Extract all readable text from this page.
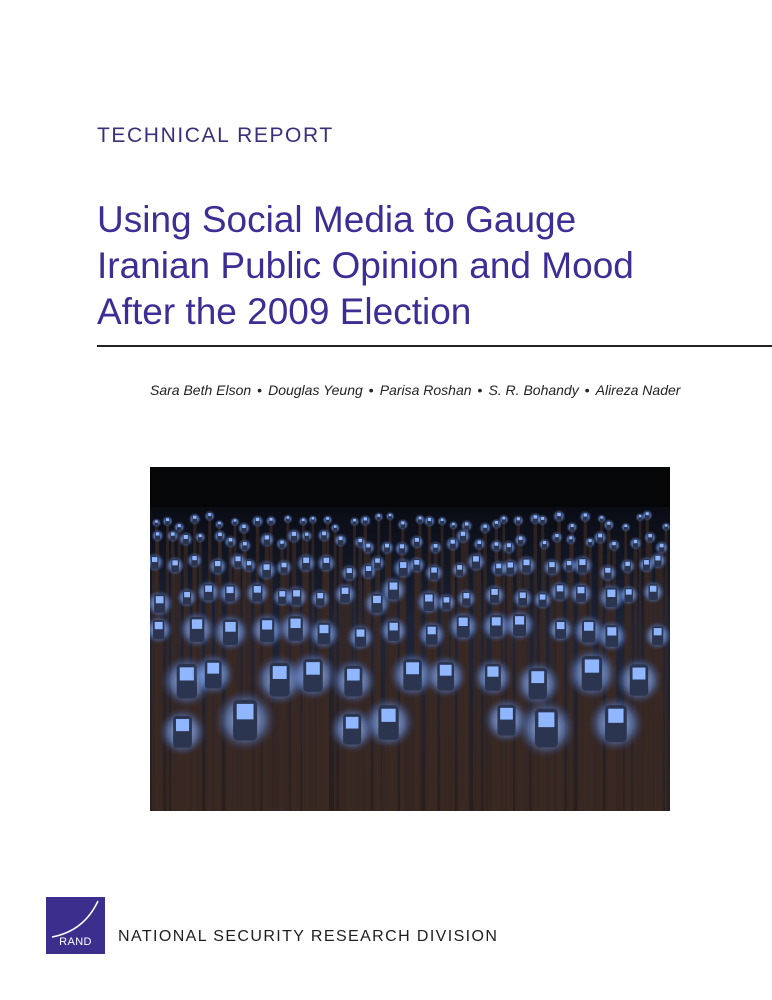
TECHNICAL REPORT
Using Social Media to Gauge
Iranian Public Opinion and Mood
After the 2009 Election
Sara Beth Elson • Douglas Yeung • Parisa Roshan • S. R. Bohandy • Alireza Nader
RAND	NATIONAL SECURITY RESEARCH DIVISION
